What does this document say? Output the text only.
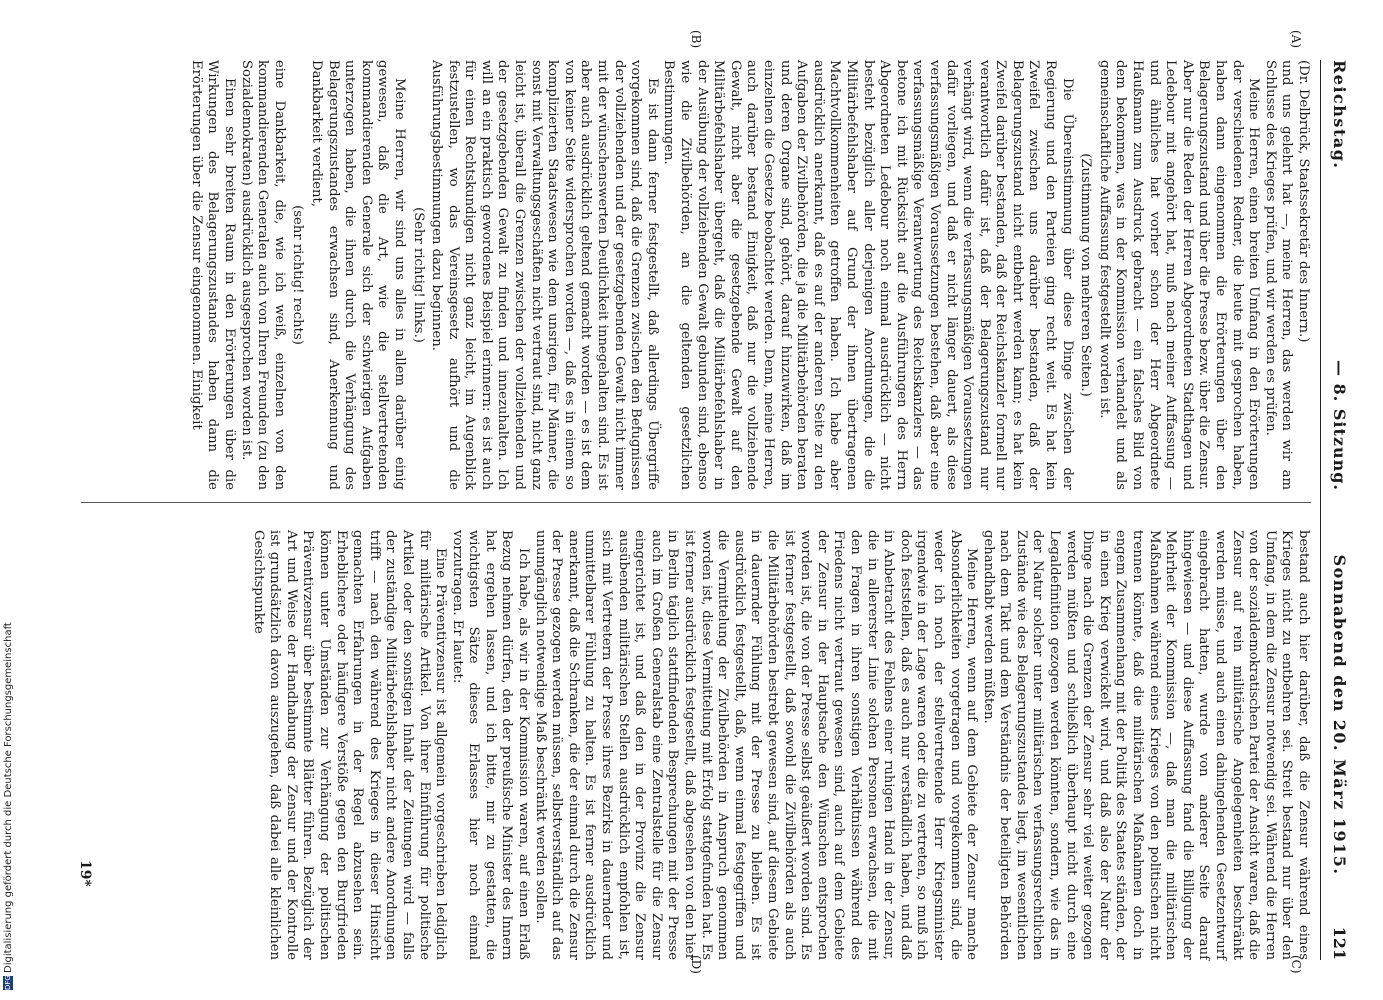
Reichstag.
— 8. Sitzung.
Sonnabend den 20. März 1915.  121
(A)
(B)
(C)
(D)

(Dr. Delbrück, Staatssekretär des Innern.)

und uns gelehrt hat —, meine Herren, das werden wir am Schlusse des Krieges prüfen, und wir werden es prüfen.

Meine Herren, einen breiten Umfang in den Erörterungen der verschiedenen Redner, die heute mit gesprochen haben, haben dann eingenommen die Erörterungen über den Belagerungszustand und über die Presse bezw. über die Zensur. Aber nur die Reden der Herren Abgeordneten Stadthagen und Ledebour mit angehört hat, muß nach meiner Auffassung — und ähnliches hat vorher schon der Herr Abgeordnete Haußmann zum Ausdruck gebracht — ein falsches Bild von dem bekommen, was in der Kommission verhandelt und als gemeinschaftliche Auffassung festgestellt worden ist.

(Zustimmung von mehreren Seiten.)

Die Übereinstimmung über diese Dinge zwischen der Regierung und den Parteien ging recht weit. Es hat kein Zweifel zwischen uns darüber bestanden, daß der Belagerungszustand nicht entbehrt werden kann; es hat kein Zweifel darüber bestanden, daß der Reichskanzler formell nur verantwortlich dafür ist, daß der Belagerungszustand nur verhängt wird, wenn die verfassungsmäßigen Voraussetzungen dafür vorliegen, und daß er nicht länger dauert, als diese verfassungsmäßigen Voraussetzungen bestehen, daß aber eine verfassungsmäßige Verantwortung des Reichskanzlers — das betone ich mit Rücksicht auf die Ausführungen des Herrn Abgeordneten Ledebour noch einmal ausdrücklich — nicht besteht bezüglich aller derjenigen Anordnungen, die die Militärbefehlshaber auf Grund der ihnen übertragenen Machtvollkommenheiten getroffen haben. Ich habe aber ausdrücklich anerkannt, daß es auf der anderen Seite zu den Aufgaben der Zivilbehörden, die ja die Militärbehörden beraten und deren Organe sind, gehört, darauf hinzuwirken, daß im einzelnen die Gesetze beobachtet werden. Denn, meine Herren, auch darüber bestand Einigkeit, daß nur die vollziehende Gewalt, nicht aber die gesetzgebende Gewalt auf den Militärbefehlshaber übergeht, daß die Militärbefehlshaber in der Ausübung der vollziehenden Gewalt gebunden sind, ebenso wie die Zivilbehörden, an die geltenden gesetzlichen Bestimmungen.

Es ist dann ferner festgestellt, daß allerdings Übergriffe vorgekommen sind, daß die Grenzen zwischen den Befugnissen der vollziehenden und der gesetzgebenden Gewalt nicht immer mit der wünschenswerten Deutlichkeit innegehalten sind. Es ist aber auch ausdrücklich geltend gemacht worden — es ist dem von keiner Seite widersprochen worden —, daß es in einem so komplizierten Staatswesen wie dem unsrigen, für Männer, die sonst mit Verwaltungsgeschäften nicht vertraut sind, nicht ganz leicht ist, überall die Grenzen zwischen der vollziehenden und der gesetzgebenden Gewalt zu finden und innezuhalten. Ich will an ein praktisch gewordenes Beispiel erinnern: es ist auch für einen Rechtskundigen nicht ganz leicht, im Augenblick festzustellen, wo das Vereinsgesetz aufhört und die Ausführungsbestimmungen dazu beginnen.

(Sehr richtig! links.)

Meine Herren, wir sind uns alles in allem darüber einig gewesen, daß die Art, wie die stellvertretenden kommandierenden Generale sich der schwierigen Aufgaben unterzogen haben, die ihnen durch die Verhängung des Belagerungszustandes erwachsen sind, Anerkennung und Dankbarkeit verdient,

(sehr richtig! rechts)

eine Dankbarkeit, die, wie ich weiß, einzelnen von den kommandierenden Generalen auch von Ihren Freunden (zu den Sozialdemokraten) ausdrücklich ausgesprochen worden ist.

Einen sehr breiten Raum in den Erörterungen über die Wirkungen des Belagerungszustandes haben dann die Erörterungen über die Zensur eingenommen. Einigkeit

bestand auch hier darüber, daß die Zensur während eines Krieges nicht zu entbehren sei. Streit bestand nur über den Umfang, in dem die Zensur notwendig sei. Während die Herren von der sozialdemokratischen Partei der Ansicht waren, daß die Zensur auf rein militärische Angelegenheiten beschränkt werden müsse, und auch einen dahingehenden Gesetzentwurf eingebracht hatten, wurde von anderer Seite darauf hingewiesen — und diese Auffassung fand die Billigung der Mehrheit der Kommission —, daß man die militärischen Maßnahmen während eines Krieges von den politischen nicht trennen könnte, daß die militärischen Maßnahmen doch in engem Zusammenhang mit der Politik des Staates ständen, der in einen Krieg verwickelt wird, und daß also der Natur der Dinge nach die Grenzen der Zensur sehr viel weiter gezogen werden müßten und schließlich überhaupt nicht durch eine Legaldefinition gezogen werden könnten, sondern, wie das in der Natur solcher unter militärischen verfassungsrechtlichen Zustände wie des Belagerungszustandes liegt, im wesentlichen nach dem Takt und dem Verständnis der beteiligten Behörden gehandhabt werden müßten.

Meine Herren, wenn auf dem Gebiete der Zensur manche Absonderlichkeiten vorgetragen und vorgekommen sind, die weder ich noch der stellvertretende Herr Kriegsminister irgendwie in der Lage waren oder die zu vertreten, so muß ich doch feststellen, daß es auch nur verständlich haben, und daß in Anbetracht des Fehlens einer ruhigen Hand in der Zensur, die in allererster Linie solchen Personen erwachsen, die mit den Fragen in ihren sonstigen Verhältnissen während des Friedens nicht vertraut gewesen sind, auch auf dem Gebiete der Zensur in der Hauptsache den Wünschen entsprochen worden ist, die von der Presse selbst geäußert worden sind. Es ist ferner festgestellt, daß sowohl die Zivilbehörden als auch die Militärbehörden bestrebt gewesen sind, auf diesem Gebiete in dauernder Fühlung mit der Presse zu bleiben. Es ist ausdrücklich festgestellt, daß, wenn einmal festgegriffen und die Vermittelung der Zivilbehörden in Anspruch genommen worden ist, diese Vermittelung mit Erfolg stattgefunden hat. Es ist ferner ausdrücklich festgestellt, daß abgesehen von den hier in Berlin täglich stattfindenden Besprechungen mit der Presse auch im Großen Generalstab eine Zentralstelle für die Zensur eingerichtet ist, und daß den in der Provinz die Zensur ausübenden militärischen Stellen ausdrücklich empfohlen ist, sich mit Vertretern der Presse ihres Bezirks in dauernder und unmittelbarer Fühlung zu halten. Es ist ferner ausdrücklich anerkannt, daß die Schranken, die der einmal durch die Zensur der Presse gezogen werden müssen, selbstverständlich auf das unumgänglich notwendige Maß beschränkt werden sollen.

Ich habe, als wir in der Kommission waren, auf einen Erlaß Bezug nehmen dürfen, den der preußische Minister des Innern hat ergehen lassen, und ich bitte, mir zu gestatten, die wichtigsten Sätze dieses Erlasses hier noch einmal vorzutragen. Er lautet:

Eine Präventivzensur ist allgemein vorgeschrieben lediglich für militärische Artikel. Von ihrer Einführung für politische Artikel oder den sonstigen Inhalt der Zeitungen wird — falls der zuständige Militärbefehlshaber nicht andere Anordnungen trifft — nach den während des Krieges in dieser Hinsicht gemachten Erfahrungen in der Regel abzusehen sein. Erheblichere oder häufigere Verstöße gegen den Burgfrieden können unter Umständen zur Verhängung der politischen Präventivzensur über bestimmte Blätter führen. Bezüglich der Art und Weise der Handhabung der Zensur und der Kontrolle ist grundsätzlich davon auszugehen, daß dabei alle kleinlichen Gesichtspunkte

19*
DFGDigitalisierung gefördert durch die Deutsche Forschungsgemeinschaft
